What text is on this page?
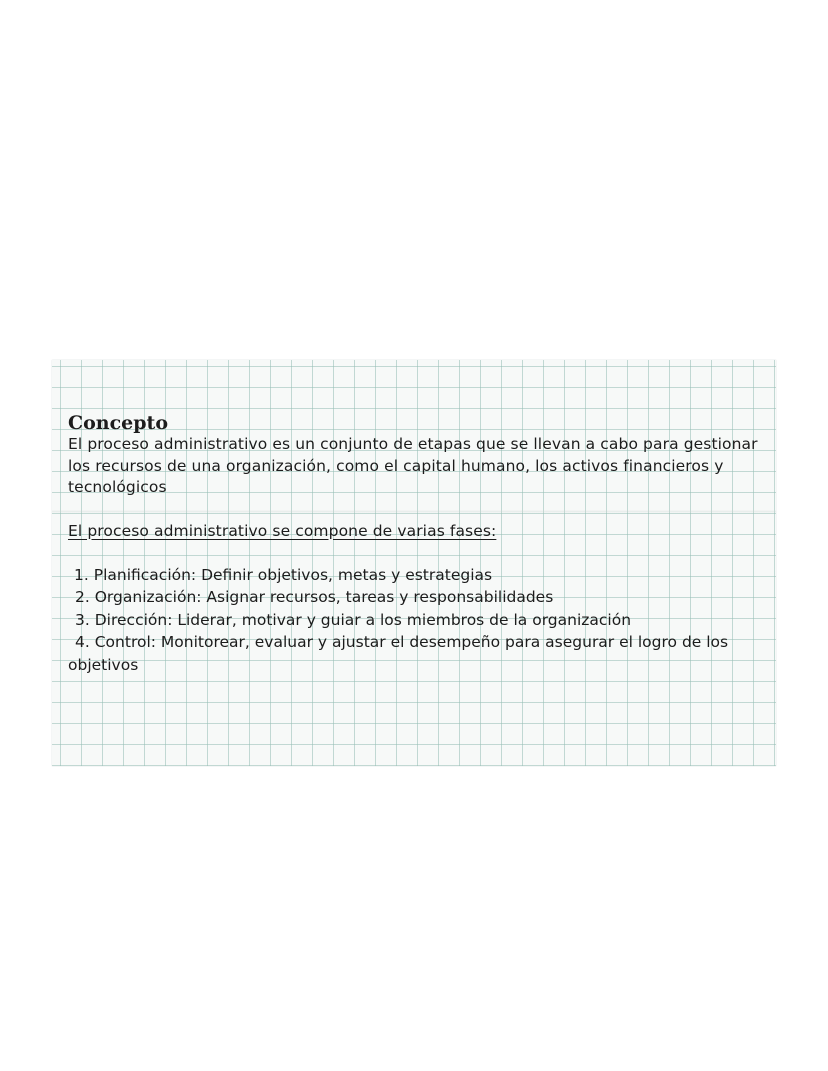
Concepto

El proceso administrativo es un conjunto de etapas que se llevan a cabo para gestionar los recursos de una organización, como el capital humano, los activos financieros y tecnológicos

El proceso administrativo se compone de varias fases:

1. Planificación: Definir objetivos, metas y estrategias
2. Organización: Asignar recursos, tareas y responsabilidades
3. Dirección: Liderar, motivar y guiar a los miembros de la organización
4. Control: Monitorear, evaluar y ajustar el desempeño para asegurar el logro de los objetivos
